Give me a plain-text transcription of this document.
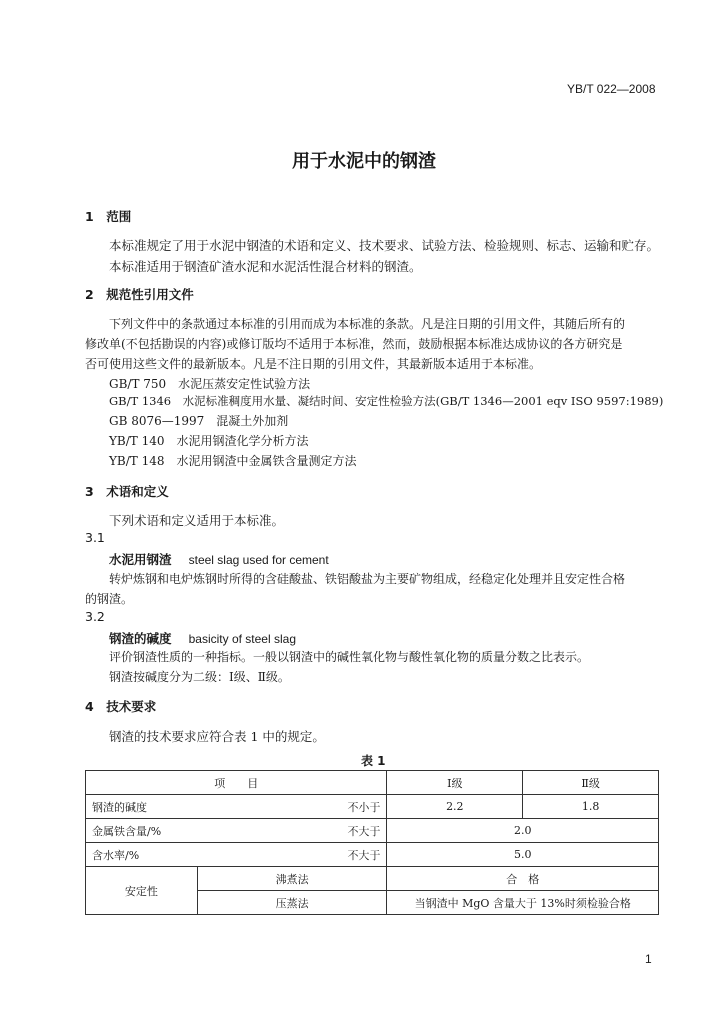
YB/T 022—2008
用于水泥中的钢渣
1　范围
本标准规定了用于水泥中钢渣的术语和定义、技术要求、试验方法、检验规则、标志、运输和贮存。
本标准适用于钢渣矿渣水泥和水泥活性混合材料的钢渣。
2　规范性引用文件
下列文件中的条款通过本标准的引用而成为本标准的条款。凡是注日期的引用文件，其随后所有的
修改单(不包括勘误的内容)或修订版均不适用于本标准，然而，鼓励根据本标准达成协议的各方研究是
否可使用这些文件的最新版本。凡是不注日期的引用文件，其最新版本适用于本标准。
GB/T 750　水泥压蒸安定性试验方法
GB/T 1346　水泥标准稠度用水量、凝结时间、安定性检验方法(GB/T 1346—2001 eqv ISO 9597:1989)
GB 8076—1997　混凝土外加剂
YB/T 140　水泥用钢渣化学分析方法
YB/T 148　水泥用钢渣中金属铁含量测定方法
3　术语和定义
下列术语和定义适用于本标准。
3.1
水泥用钢渣 steel slag used for cement
转炉炼钢和电炉炼钢时所得的含硅酸盐、铁铝酸盐为主要矿物组成，经稳定化处理并且安定性合格
的钢渣。
3.2
钢渣的碱度 basicity of steel slag
评价钢渣性质的一种指标。一般以钢渣中的碱性氧化物与酸性氧化物的质量分数之比表示。
钢渣按碱度分为二级：Ⅰ级、Ⅱ级。
4　技术要求
钢渣的技术要求应符合表 1 中的规定。
表 1
项　　目		Ⅰ级	Ⅱ级

钢渣的碱度 不小于		2.2	1.8

金属铁含量/% 不大于		2.0	

含水率/% 不大于		5.0	
安定性	沸煮法	合　格	
	压蒸法	当钢渣中 MgO 含量大于 13%时须检验合格	
1
